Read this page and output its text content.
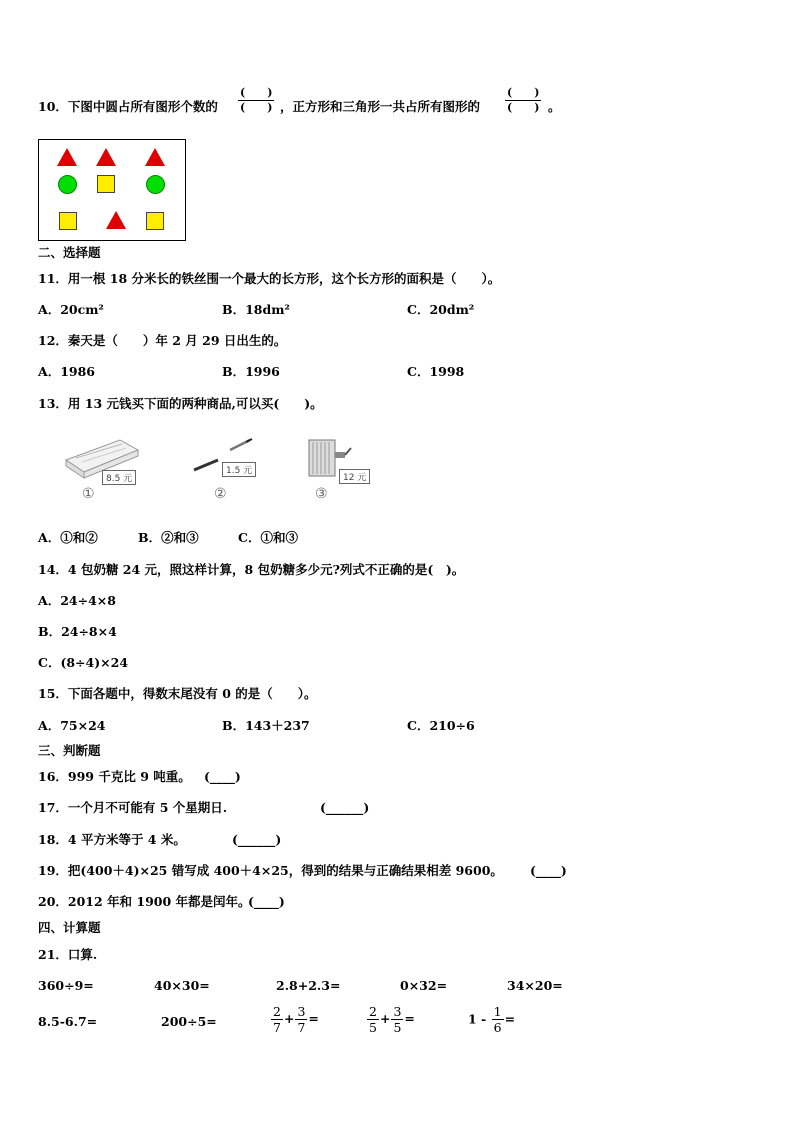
10．下图中圆占所有图形个数的
(　　)
(　　) ，正方形和三角形一共占所有图形的
(　　)
(　　) 。
二、选择题
11．用一根 18 分米长的铁丝围一个最大的长方形，这个长方形的面积是（　　）。
A．20cm²	B．18dm²	C．20dm²
12．秦天是（　　）年 2 月 29 日出生的。
A．1986	B．1996	C．1998
13．用 13 元钱买下面的两种商品,可以买(　　)。
8.5 元
①
1.5 元
②
12 元
③
A．①和②	B．②和③	C．①和③
14．4 包奶糖 24 元，照这样计算，8 包奶糖多少元?列式不正确的是(　)。
A．24÷4×8
B．24÷8×4
C．(8÷4)×24
15．下面各题中，得数末尾没有 0 的是（　　）。
A．75×24	B．143＋237	C．210÷6
三、判断题
16．999 千克比 9 吨重。 (____)
17．一个月不可能有 5 个星期日.	(______)
18．4 平方米等于 4 米。	(______)
19．把(400＋4)×25 错写成 400＋4×25，得到的结果与正确结果相差 9600。 (____)
20．2012 年和 1900 年都是闰年。
(____)
四、计算题
21．口算.
360÷9=	40×30=	2.8+2.3=	0×32=	34×20=
8.5-6.7=	200÷5=	$\frac{2}{7} + \frac{3}{7}$ =	$\frac{2}{5} + \frac{3}{5}$ =	$1 - \frac{1}{6}$ =
